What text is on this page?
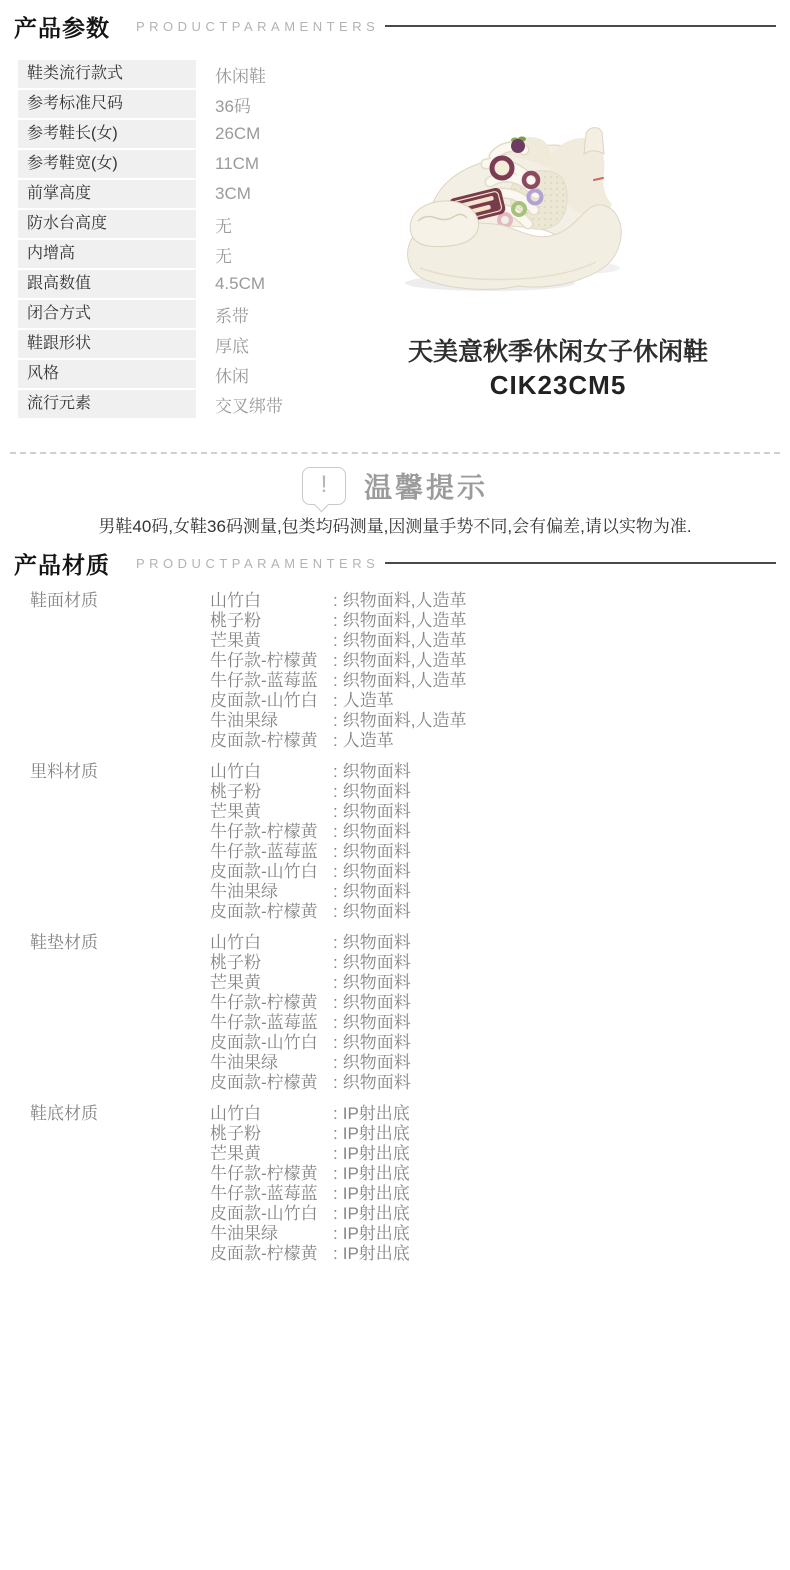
产品参数 PRODUCTPARAMENTERS
鞋类流行款式	休闲鞋
参考标准尺码	36码
参考鞋长(女)	26CM
参考鞋宽(女)	11CM
前掌高度	3CM
防水台高度	无
内增高	无
跟高数值	4.5CM
闭合方式	系带
鞋跟形状	厚底
风格	休闲
流行元素	交叉绑带
天美意秋季休闲女子休闲鞋
CIK23CM5
!	温馨提示
男鞋40码,女鞋36码测量,包类均码测量,因测量手势不同,会有偏差,请以实物为准.
产品材质 PRODUCTPARAMENTERS
鞋面材质	山竹白	: 织物面料,人造革
桃子粉	: 织物面料,人造革
芒果黄	: 织物面料,人造革
牛仔款-柠檬黄 : 织物面料,人造革
牛仔款-蓝莓蓝 : 织物面料,人造革
皮面款-山竹白 : 人造革
牛油果绿	: 织物面料,人造革
皮面款-柠檬黄 : 人造革
里料材质	山竹白	: 织物面料
桃子粉	: 织物面料
芒果黄	: 织物面料
牛仔款-柠檬黄 : 织物面料
牛仔款-蓝莓蓝 : 织物面料
皮面款-山竹白 : 织物面料
牛油果绿	: 织物面料
皮面款-柠檬黄 : 织物面料
鞋垫材质	山竹白	: 织物面料
桃子粉	: 织物面料
芒果黄	: 织物面料
牛仔款-柠檬黄 : 织物面料
牛仔款-蓝莓蓝 : 织物面料
皮面款-山竹白 : 织物面料
牛油果绿	: 织物面料
皮面款-柠檬黄 : 织物面料
鞋底材质	山竹白	: IP射出底
桃子粉	: IP射出底
芒果黄	: IP射出底
牛仔款-柠檬黄 : IP射出底
牛仔款-蓝莓蓝 : IP射出底
皮面款-山竹白 : IP射出底
牛油果绿	: IP射出底
皮面款-柠檬黄 : IP射出底
